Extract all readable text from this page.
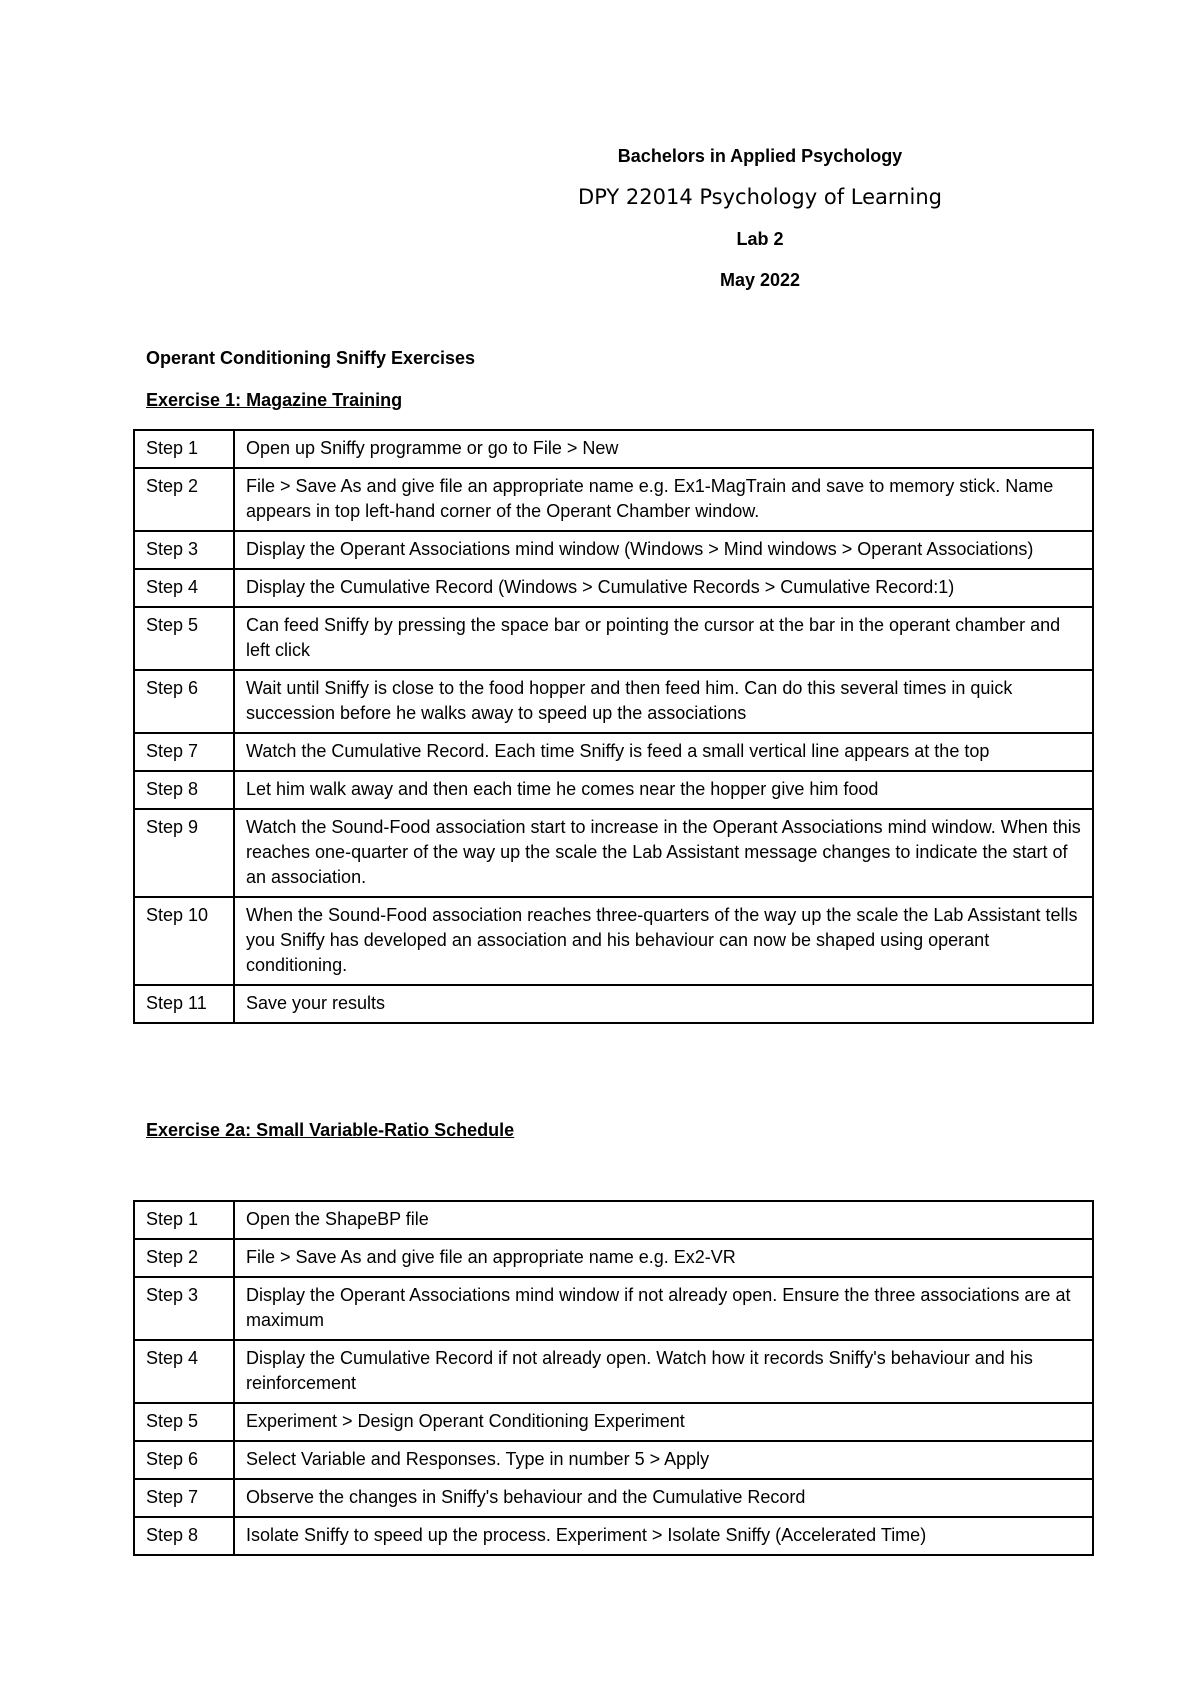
Bachelors in Applied Psychology
DPY 22014 Psychology of Learning
Lab 2
May 2022
Operant Conditioning Sniffy Exercises
Exercise 1: Magazine Training
Step 1	Open up Sniffy programme or go to File > New
Step 2	File > Save As and give file an appropriate name e.g. Ex1-MagTrain and save to memory stick. Name appears in top left-hand corner of the Operant Chamber window.
Step 3	Display the Operant Associations mind window (Windows > Mind windows > Operant Associations)
Step 4	Display the Cumulative Record (Windows > Cumulative Records > Cumulative Record:1)
Step 5	Can feed Sniffy by pressing the space bar or pointing the cursor at the bar in the operant chamber and left click
Step 6	Wait until Sniffy is close to the food hopper and then feed him. Can do this several times in quick succession before he walks away to speed up the associations
Step 7	Watch the Cumulative Record. Each time Sniffy is feed a small vertical line appears at the top
Step 8	Let him walk away and then each time he comes near the hopper give him food
Step 9	Watch the Sound-Food association start to increase in the Operant Associations mind window. When this reaches one-quarter of the way up the scale the Lab Assistant message changes to indicate the start of an association.
Step 10	When the Sound-Food association reaches three-quarters of the way up the scale the Lab Assistant tells you Sniffy has developed an association and his behaviour can now be shaped using operant conditioning.
Step 11	Save your results
Exercise 2a: Small Variable-Ratio Schedule
Step 1	Open the ShapeBP file
Step 2	File > Save As and give file an appropriate name e.g. Ex2-VR
Step 3	Display the Operant Associations mind window if not already open. Ensure the three associations are at maximum
Step 4	Display the Cumulative Record if not already open. Watch how it records Sniffy's behaviour and his reinforcement
Step 5	Experiment > Design Operant Conditioning Experiment
Step 6	Select Variable and Responses. Type in number 5 > Apply
Step 7	Observe the changes in Sniffy's behaviour and the Cumulative Record
Step 8	Isolate Sniffy to speed up the process. Experiment > Isolate Sniffy (Accelerated Time)
